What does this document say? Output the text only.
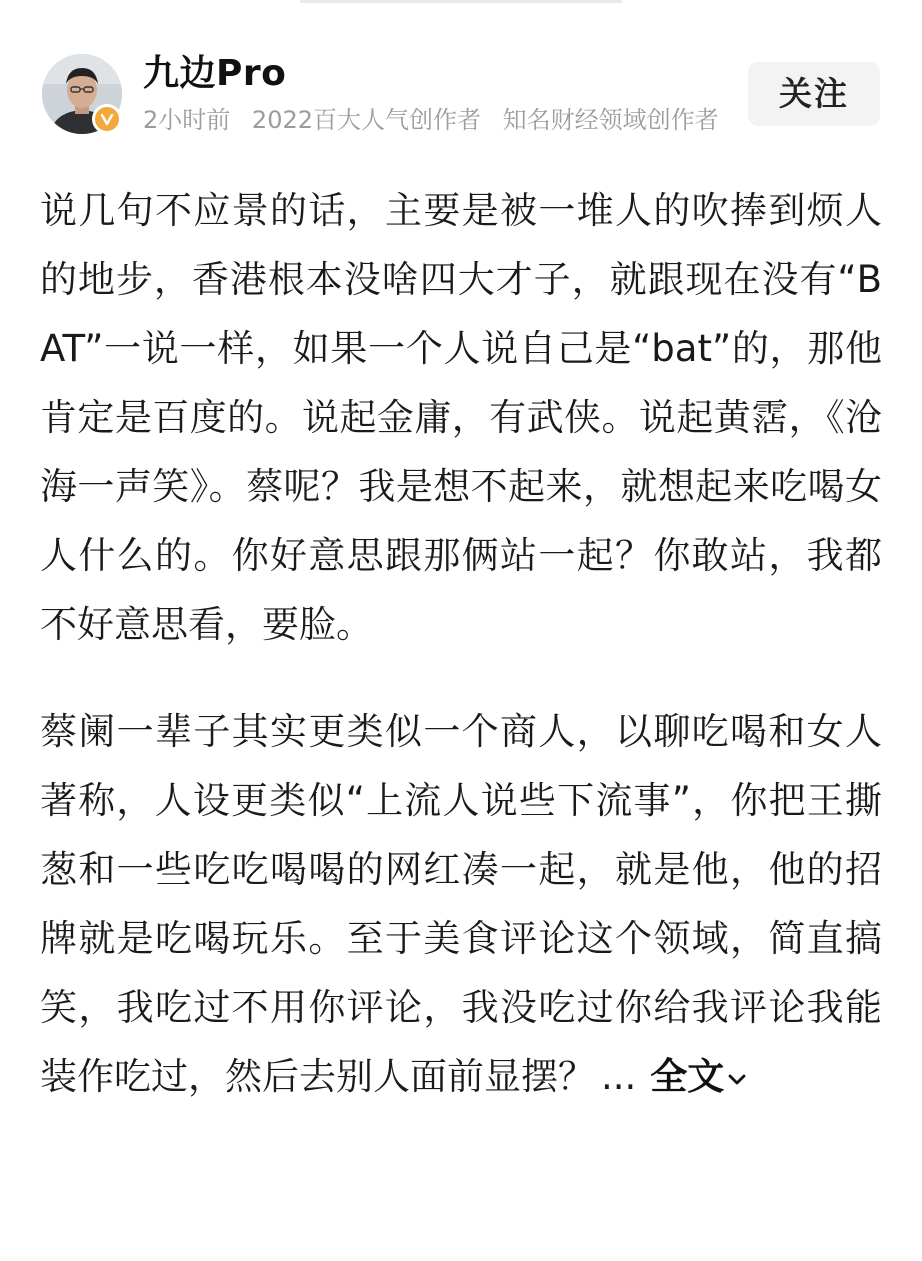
九边Pro
2小时前 2022百大人气创作者 知名财经领域创作者
关注

说几句不应景的话，主要是被一堆人的吹捧到烦人的地步，香港根本没啥四大才子，就跟现在没有“BAT”一说一样，如果一个人说自己是“bat”的，那他肯定是百度的。说起金庸，有武侠。说起黄霑，《沧海一声笑》。蔡呢？我是想不起来，就想起来吃喝女人什么的。你好意思跟那俩站一起？你敢站，我都不好意思看，要脸。

蔡阑一辈子其实更类似一个商人，以聊吃喝和女人著称，人设更类似“上流人说些下流事”，你把王撕葱和一些吃吃喝喝的网红凑一起，就是他，他的招牌就是吃喝玩乐。至于美食评论这个领域，简直搞笑，我吃过不用你评论，我没吃过你给我评论我能装作吃过，然后去别人面前显摆？ ... 全文
